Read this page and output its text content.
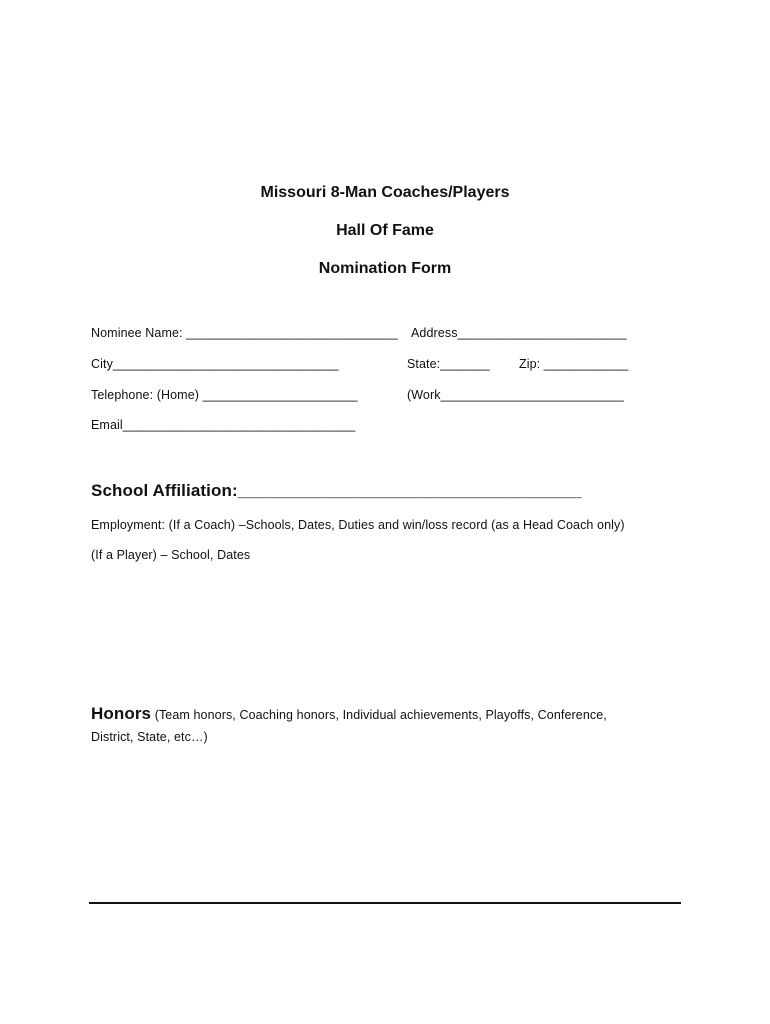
Missouri 8-Man Coaches/Players
Hall Of Fame
Nomination Form
Nominee Name: ______________________________ Address________________________
City________________________________	State:_______ Zip: ____________
Telephone: (Home) ______________________	(Work__________________________
Email_________________________________
School Affiliation:____________________________________
Employment: (If a Coach) –Schools, Dates, Duties and win/loss record (as a Head Coach only)
(If a Player) – School, Dates
Honors (Team honors, Coaching honors, Individual achievements, Playoffs, Conference,
District, State, etc…)
